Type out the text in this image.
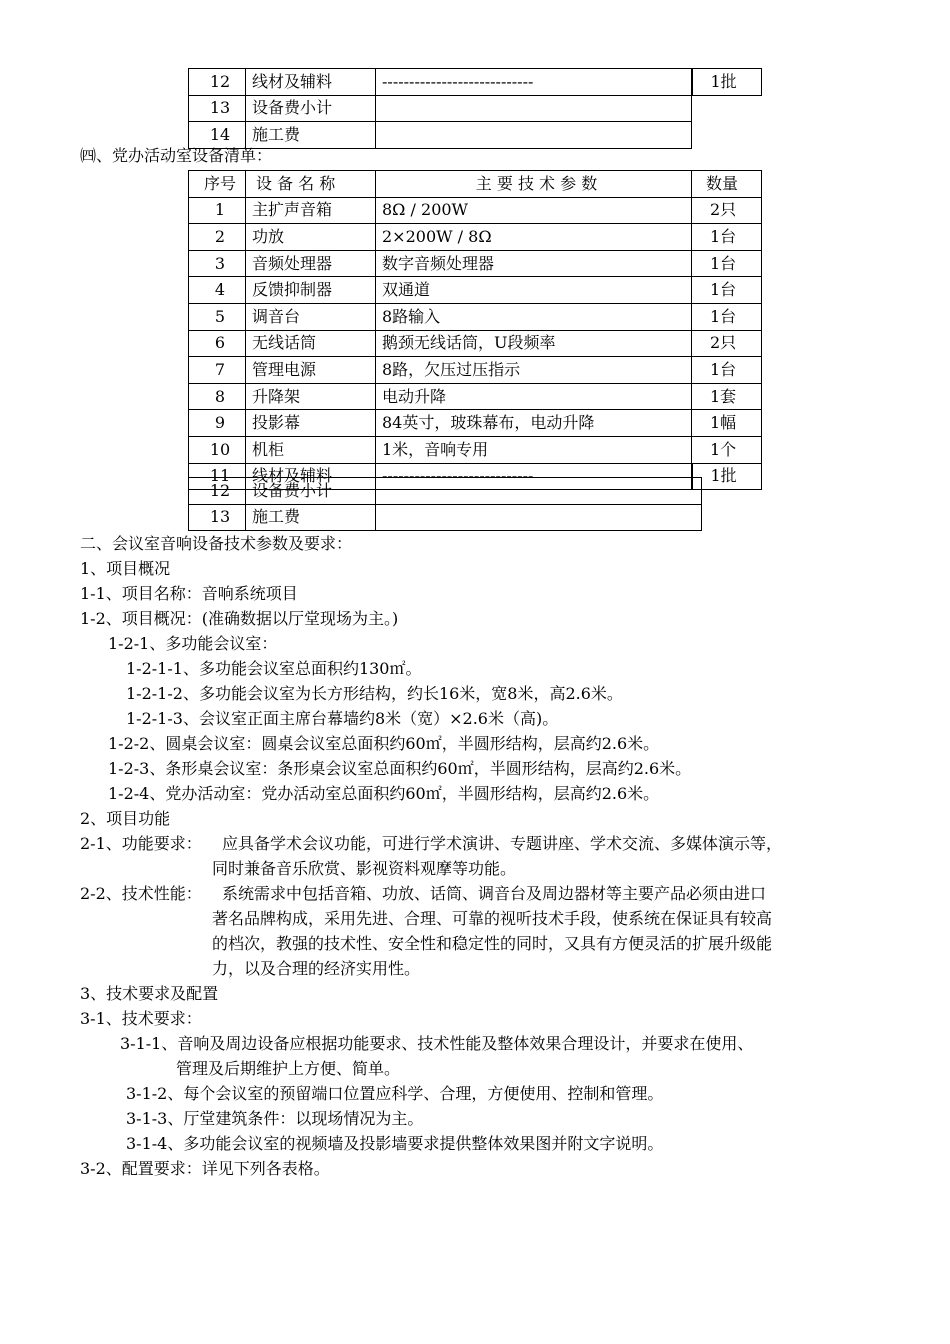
12	线材及辅料	----------------------------	1批
13	设备费小计		
14	施工费		
㈣、党办活动室设备清单：
序号	设 备 名 称	主 要 技 术 参 数	数量
1	主扩声音箱	8Ω / 200W	2只
2	功放	2×200W / 8Ω	1台
3	音频处理器	数字音频处理器	1台
4	反馈抑制器	双通道	1台
5	调音台	8路输入	1台
6	无线话筒	鹅颈无线话筒，U段频率	2只
7	管理电源	8路，欠压过压指示	1台
8	升降架	电动升降	1套
9	投影幕	84英寸，玻珠幕布，电动升降	1幅
10	机柜	1米，音响专用	1个
11	线材及辅料	----------------------------	1批
12	设备费小计	
13	施工费	
二、会议室音响设备技术参数及要求：
1、项目概况
1-1、项目名称：音响系统项目
1-2、项目概况：(准确数据以厅堂现场为主。)
1-2-1、多功能会议室：
1-2-1-1、多功能会议室总面积约130㎡。
1-2-1-2、多功能会议室为长方形结构，约长16米，宽8米，高2.6米。
1-2-1-3、会议室正面主席台幕墙约8米（宽）×2.6米（高)。
1-2-2、圆桌会议室：圆桌会议室总面积约60㎡，半圆形结构，层高约2.6米。
1-2-3、条形桌会议室：条形桌会议室总面积约60㎡，半圆形结构，层高约2.6米。
1-2-4、党办活动室：党办活动室总面积约60㎡，半圆形结构，层高约2.6米。
2、项目功能
2-1、功能要求： 应具备学术会议功能，可进行学术演讲、专题讲座、学术交流、多媒体演示等，
同时兼备音乐欣赏、影视资料观摩等功能。
2-2、技术性能： 系统需求中包括音箱、功放、话筒、调音台及周边器材等主要产品必须由进口
著名品牌构成，采用先进、合理、可靠的视听技术手段，使系统在保证具有较高
的档次，教强的技术性、安全性和稳定性的同时，又具有方便灵活的扩展升级能
力，以及合理的经济实用性。
3、技术要求及配置
3-1、技术要求：
3-1-1、音响及周边设备应根据功能要求、技术性能及整体效果合理设计，并要求在使用、
管理及后期维护上方便、简单。
3-1-2、每个会议室的预留端口位置应科学、合理，方便使用、控制和管理。
3-1-3、厅堂建筑条件：以现场情况为主。
3-1-4、多功能会议室的视频墙及投影墙要求提供整体效果图并附文字说明。
3-2、配置要求：详见下列各表格。
